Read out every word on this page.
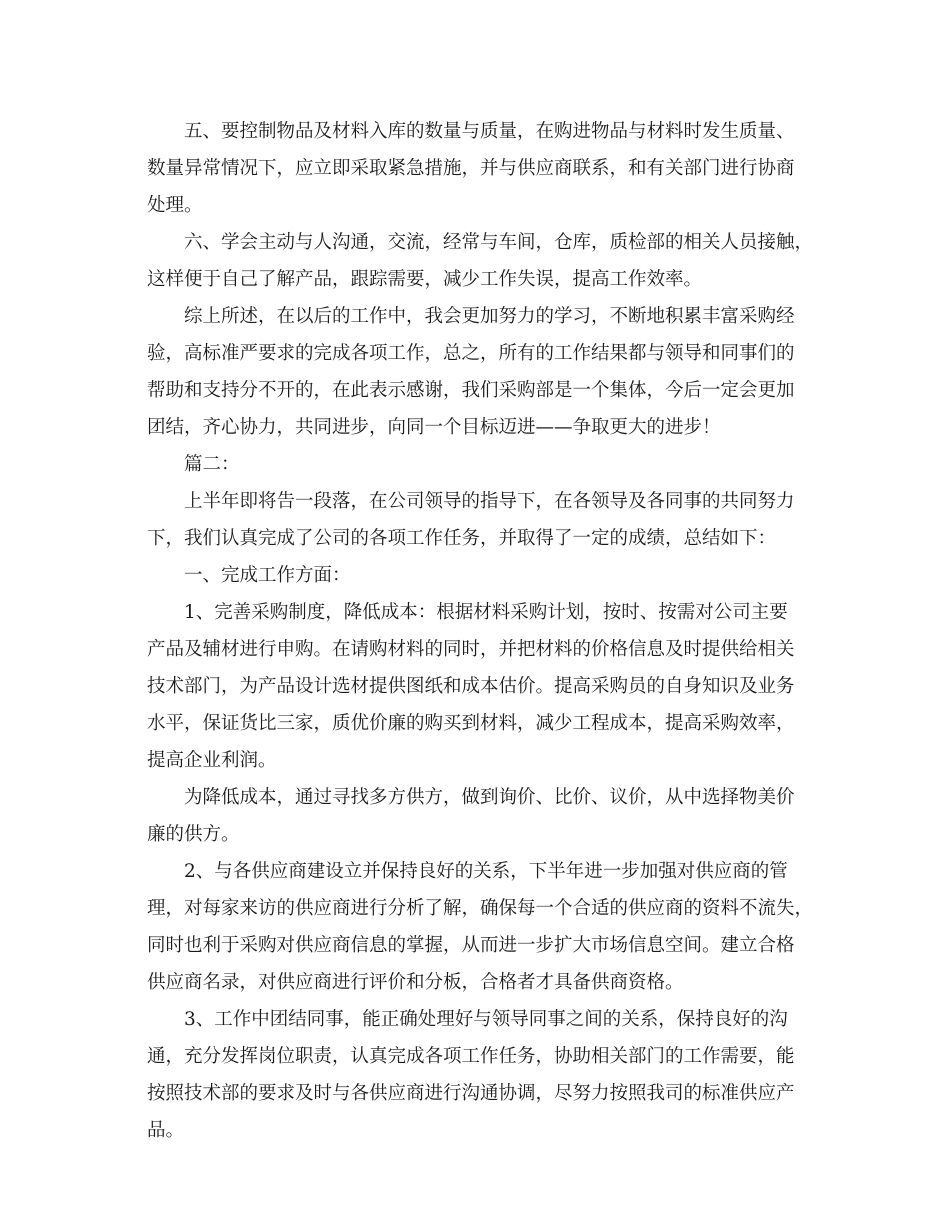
五、要控制物品及材料入库的数量与质量，在购进物品与材料时发生质量、
数量异常情况下，应立即采取紧急措施，并与供应商联系，和有关部门进行协商
处理。
六、学会主动与人沟通，交流，经常与车间，仓库，质检部的相关人员接触，
这样便于自己了解产品，跟踪需要，减少工作失误，提高工作效率。
综上所述，在以后的工作中，我会更加努力的学习，不断地积累丰富采购经
验，高标准严要求的完成各项工作，总之，所有的工作结果都与领导和同事们的
帮助和支持分不开的，在此表示感谢，我们采购部是一个集体，今后一定会更加
团结，齐心协力，共同进步，向同一个目标迈进——争取更大的进步！
篇二：
上半年即将告一段落，在公司领导的指导下，在各领导及各同事的共同努力
下，我们认真完成了公司的各项工作任务，并取得了一定的成绩，总结如下：
一、完成工作方面：
1、完善采购制度，降低成本：根据材料采购计划，按时、按需对公司主要
产品及辅材进行申购。在请购材料的同时，并把材料的价格信息及时提供给相关
技术部门，为产品设计选材提供图纸和成本估价。提高采购员的自身知识及业务
水平，保证货比三家，质优价廉的购买到材料，减少工程成本，提高采购效率，
提高企业利润。
为降低成本，通过寻找多方供方，做到询价、比价、议价，从中选择物美价
廉的供方。
2、与各供应商建设立并保持良好的关系，下半年进一步加强对供应商的管
理，对每家来访的供应商进行分析了解，确保每一个合适的供应商的资料不流失，
同时也利于采购对供应商信息的掌握，从而进一步扩大市场信息空间。建立合格
供应商名录，对供应商进行评价和分板，合格者才具备供商资格。
3、工作中团结同事，能正确处理好与领导同事之间的关系，保持良好的沟
通，充分发挥岗位职责，认真完成各项工作任务，协助相关部门的工作需要，能
按照技术部的要求及时与各供应商进行沟通协调，尽努力按照我司的标准供应产
品。
